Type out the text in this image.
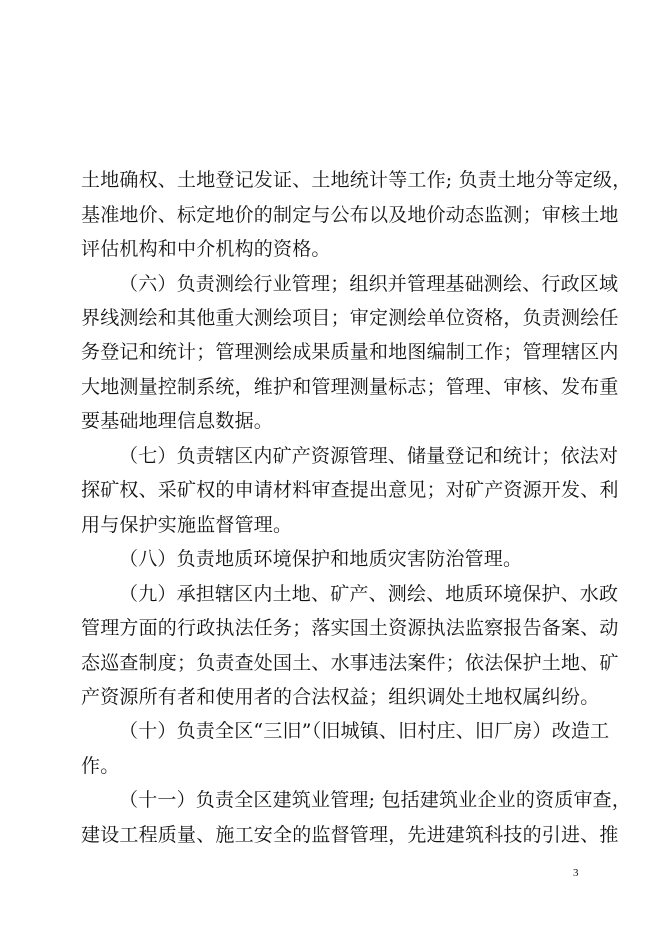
土地确权、土地登记发证、土地统计等工作; 负责土地分等定级，
基准地价、标定地价的制定与公布以及地价动态监测；审核土地
评估机构和中介机构的资格。
（六）负责测绘行业管理；组织并管理基础测绘、行政区域
界线测绘和其他重大测绘项目；审定测绘单位资格，负责测绘任
务登记和统计；管理测绘成果质量和地图编制工作；管理辖区内
大地测量控制系统，维护和管理测量标志；管理、审核、发布重
要基础地理信息数据。
（七）负责辖区内矿产资源管理、储量登记和统计；依法对
探矿权、采矿权的申请材料审查提出意见；对矿产资源开发、利
用与保护实施监督管理。
（八）负责地质环境保护和地质灾害防治管理。
（九）承担辖区内土地、矿产、测绘、地质环境保护、水政
管理方面的行政执法任务；落实国土资源执法监察报告备案、动
态巡查制度；负责查处国土、水事违法案件；依法保护土地、矿
产资源所有者和使用者的合法权益；组织调处土地权属纠纷。
（十）负责全区“三旧”（旧城镇、旧村庄、旧厂房）改造工
作。
（十一）负责全区建筑业管理; 包括建筑业企业的资质审查，
建设工程质量、施工安全的监督管理，先进建筑科技的引进、推
3
